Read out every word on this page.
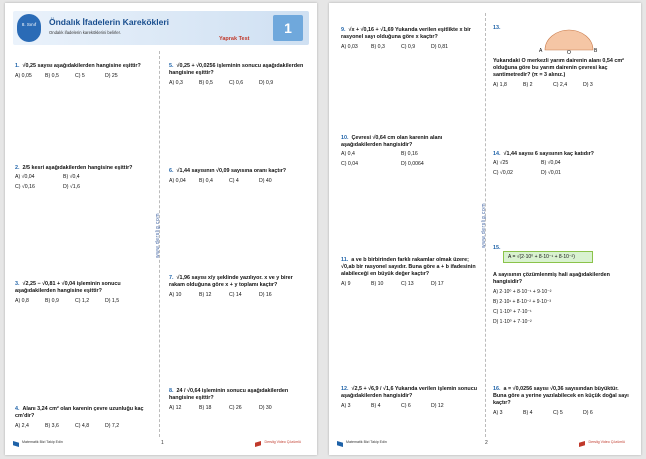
8. Sınıf	Öndalık İfadelerin Karekökleri
Ondalık ifadelerin kareköklerini belirler.
Yaprak Test
1
www.derslig.com
1. √0,25 sayısı aşağıdakilerden hangisine eşittir?
A) 0,05	B) 0,5	C) 5	D) 25
2. 2/5 kesri aşağıdakilerden hangisine eşittir?
A) √0,04	B) √0,4
C) √0,16	D) √1,6
3. √2,25 − √0,81 + √0,04 işleminin sonucu aşağıdakilerden hangisine eşittir?
A) 0,8	B) 0,9	C) 1,2	D) 1,5
4. Alanı 3,24 cm² olan karenin çevre uzunluğu kaç cm'dir?
A) 2,4	B) 3,6	C) 4,8	D) 7,2
5. √0,25 + √0,0256 işleminin sonucu aşağıdakilerden hangisine eşittir?
A) 0,3	B) 0,5	C) 0,6	D) 0,9
6. √1,44 sayısının √0,09 sayısına oranı kaçtır?
A) 0,04	B) 0,4	C) 4	D) 40
7. √1,96 sayısı x/y şeklinde yazılıyor. x ve y birer rakam olduğuna göre x + y toplamı kaçtır?
A) 10	B) 12	C) 14	D) 16
8. 24 / √0,64 işleminin sonucu aşağıdakilerden hangisine eşittir?
A) 12	B) 18	C) 26	D) 30
Matematik Bizi Takip Edin	1	Derslig Video Çözümlü
www.derslig.com
9. √x + √0,16 + √1,69 Yukarıda verilen eşitlikte x bir rasyonel sayı olduğuna göre x kaçtır?
A) 0,03	B) 0,3	C) 0,9	D) 0,81
10. Çevresi √0,64 cm olan karenin alanı aşağıdakilerden hangisidir?
A) 0,4	B) 0,16
C) 0,04	D) 0,0064
11. a ve b birbirinden farklı rakamlar olmak üzere; √0,ab bir rasyonel sayıdır. Buna göre a + b ifadesinin alabileceği en büyük değer kaçtır?
A) 9	B) 10	C) 13	D) 17
12. √2,5 + √6,9 / √1,6 Yukarıda verilen işlemin sonucu aşağıdakilerden hangisidir?
A) 3	B) 4	C) 6	D) 12
A	O	B
13.
Yukarıdaki O merkezli yarım dairenin alanı 0,54 cm² olduğuna göre bu yarım dairenin çevresi kaç santimetredir? (π = 3 alınız.)
A) 1,8	B) 2	C) 2,4	D) 3
14. √1,44 sayısı 6 sayısının kaç katıdır?
A) √25	B) √0,04
C) √0,02	D) √0,01
A = √(2·10⁰ + 8·10⁻¹ + 8·10⁻²)
15.
A sayısının çözümlenmiş hali aşağıdakilerden hangisidir?
A) 2·10⁰ + 8·10⁻¹ + 9·10⁻²
B) 2·10¹ + 8·10⁻² + 9·10⁻³
C) 1·10⁰ + 7·10⁻¹
D) 1·10⁰ + 7·10⁻²
16. a = √0,0256 sayısı √0,36 sayısından büyüktür. Buna göre a yerine yazılabilecek en küçük doğal sayı kaçtır?
A) 3	B) 4	C) 5	D) 6
Matematik Bizi Takip Edin	2	Derslig Video Çözümlü
